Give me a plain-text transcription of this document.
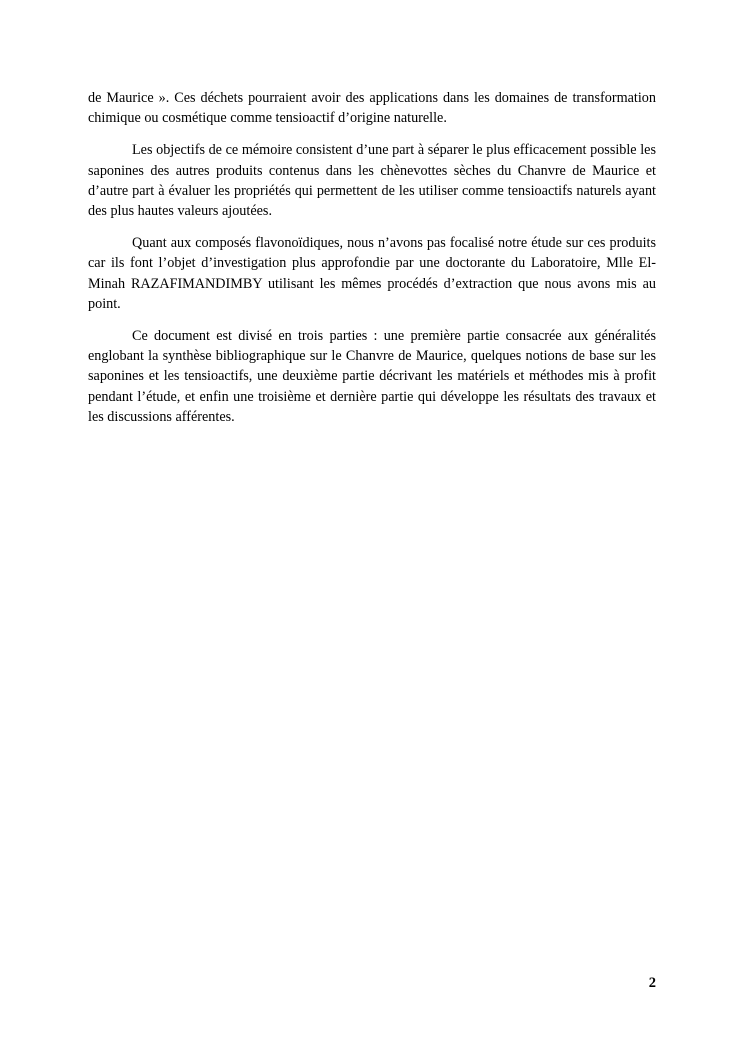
de Maurice ». Ces déchets pourraient avoir des applications dans les domaines de transformation chimique ou cosmétique comme tensioactif d’origine naturelle.

Les objectifs de ce mémoire consistent d’une part à séparer le plus efficacement possible les saponines des autres produits contenus dans les chènevottes sèches du Chanvre de Maurice et d’autre part à évaluer les propriétés qui permettent de les utiliser comme tensioactifs naturels ayant des plus hautes valeurs ajoutées.

Quant aux composés flavonoïdiques, nous n’avons pas focalisé notre étude sur ces produits car ils font l’objet d’investigation plus approfondie par une doctorante du Laboratoire, Mlle El-Minah RAZAFIMANDIMBY utilisant les mêmes procédés d’extraction que nous avons mis au point.

Ce document est divisé en trois parties : une première partie consacrée aux généralités englobant la synthèse bibliographique sur le Chanvre de Maurice, quelques notions de base sur les saponines et les tensioactifs, une deuxième partie décrivant les matériels et méthodes mis à profit pendant l’étude, et enfin une troisième et dernière partie qui développe les résultats des travaux et les discussions afférentes.

2
